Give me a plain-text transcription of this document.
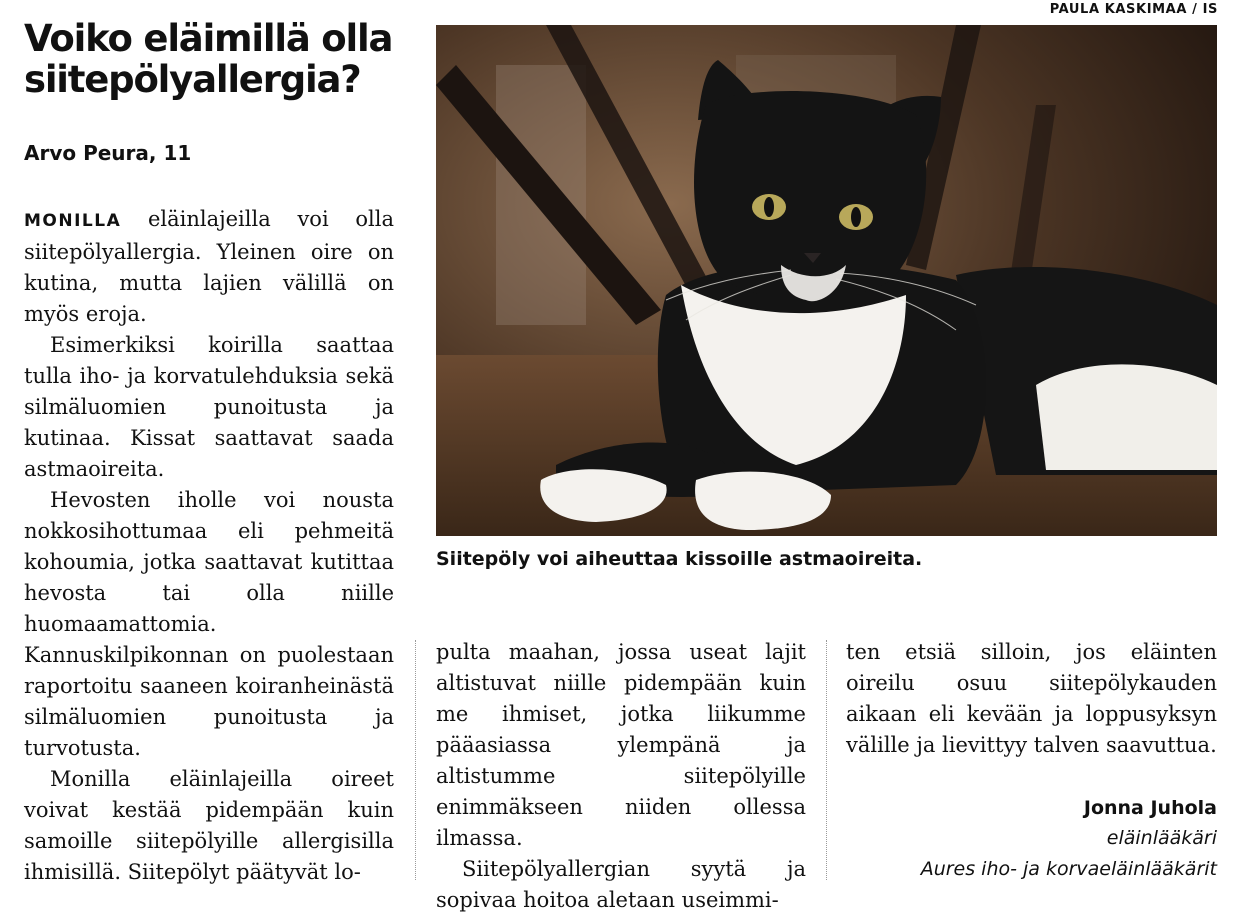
Voiko eläimillä olla siitepölyallergia?
Arvo Peura, 11
PAULA KASKIMAA / IS
Siitepöly voi aiheuttaa kissoille astmaoireita.

MONILLA eläinlajeilla voi olla siitepölyallergia. Yleinen oire on kutina, mutta lajien välillä on myös eroja.

Esimerkiksi koirilla saattaa tulla iho- ja korvatulehduksia sekä silmäluomien punoitusta ja kutinaa. Kissat saattavat saada astmaoireita.

Hevosten iholle voi nousta nokkosihottumaa eli pehmeitä kohoumia, jotka saattavat kutittaa hevosta tai olla niille huomaamattomia. Kannuskilpikonnan on puolestaan raportoitu saaneen koiranheinästä silmäluomien punoitusta ja turvotusta.

Monilla eläinlajeilla oireet voivat kestää pidempään kuin samoille siitepölyille allergisilla ihmisillä. Siitepölyt päätyvät lo-

pulta maahan, jossa useat lajit altistuvat niille pidempään kuin me ihmiset, jotka liikumme pääasiassa ylempänä ja altistumme siitepölyille enimmäkseen niiden ollessa ilmassa.

Siitepölyallergian syytä ja sopivaa hoitoa aletaan useimmi-

ten etsiä silloin, jos eläinten oireilu osuu siitepölykauden aikaan eli kevään ja loppusyksyn välille ja lievittyy talven saavuttua.

Jonna Juhola
eläinlääkäri
Aures iho- ja korvaeläinlääkärit
